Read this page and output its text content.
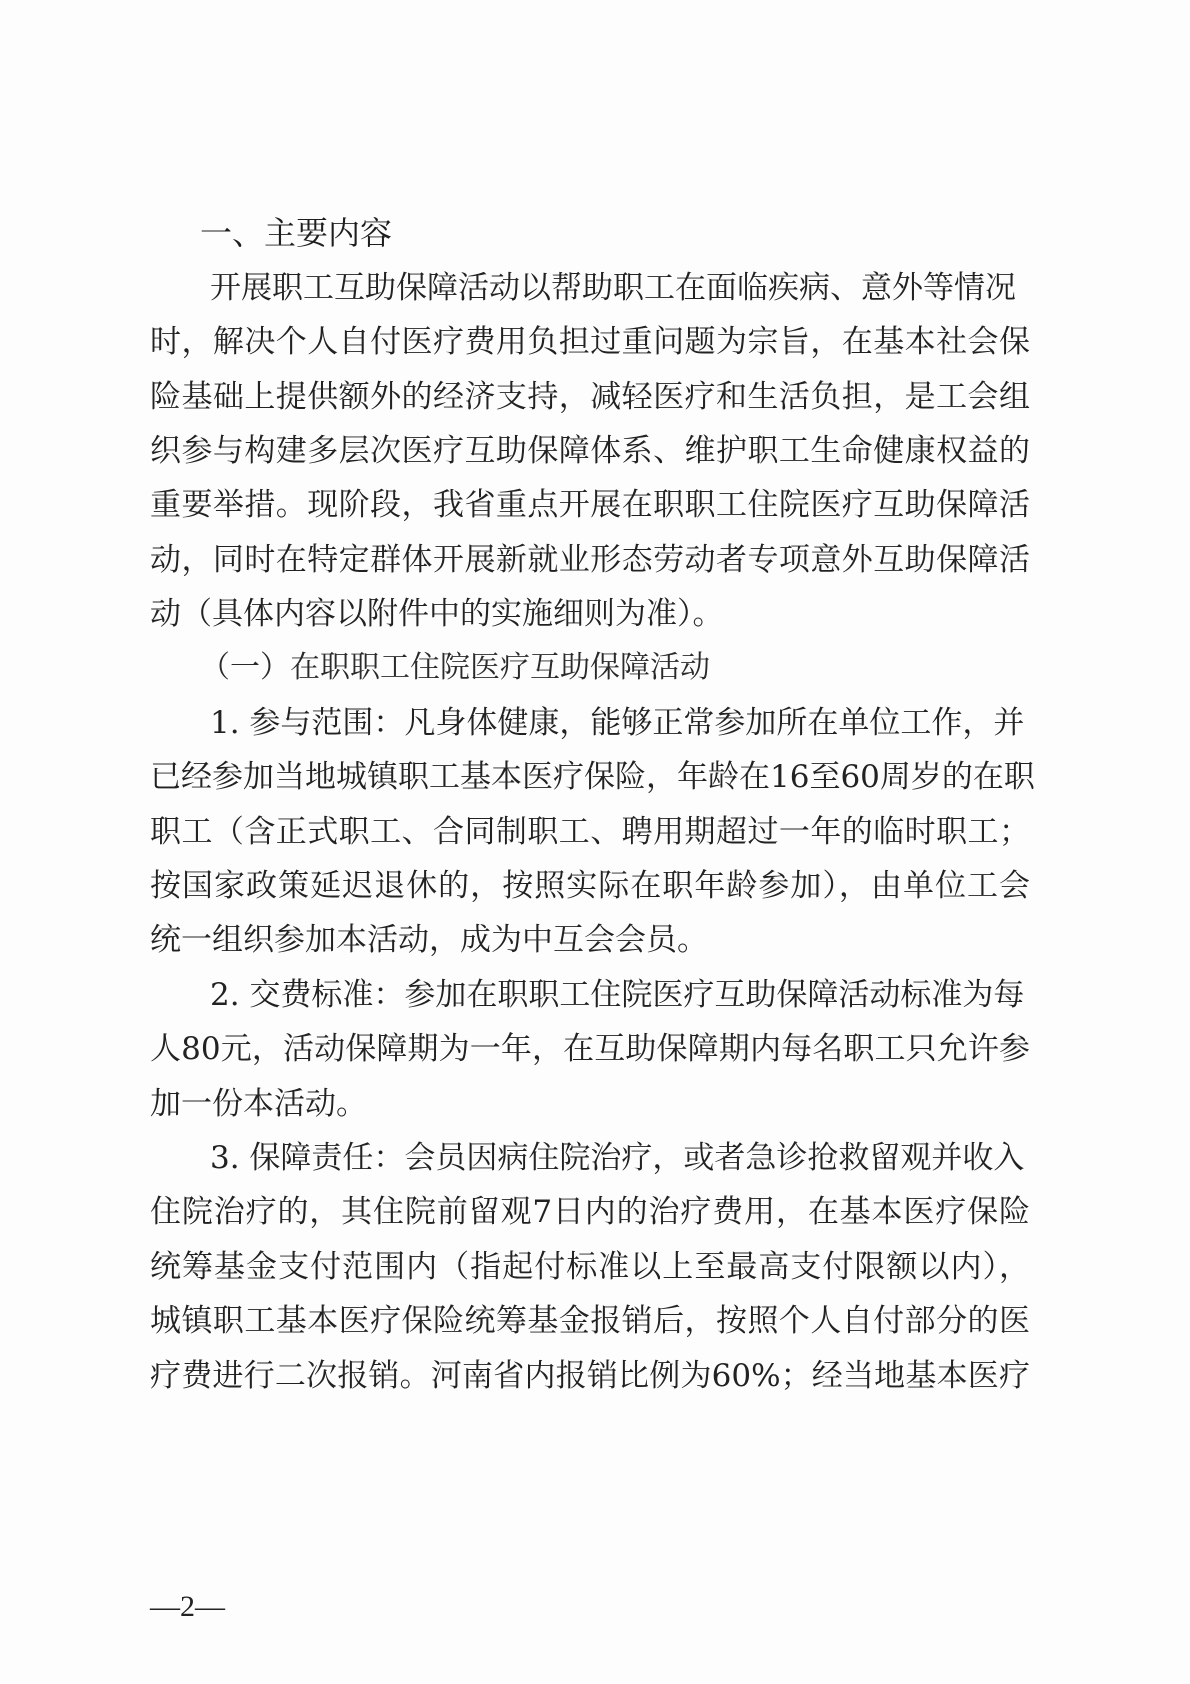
一、主要内容
开展职工互助保障活动以帮助职工在面临疾病、意外等情况
时，解决个人自付医疗费用负担过重问题为宗旨，在基本社会保
险基础上提供额外的经济支持，减轻医疗和生活负担，是工会组
织参与构建多层次医疗互助保障体系、维护职工生命健康权益的
重要举措。现阶段，我省重点开展在职职工住院医疗互助保障活
动，同时在特定群体开展新就业形态劳动者专项意外互助保障活
动（具体内容以附件中的实施细则为准）。
（一）在职职工住院医疗互助保障活动
1. 参与范围：凡身体健康，能够正常参加所在单位工作，并
已经参加当地城镇职工基本医疗保险，年龄在16至60周岁的在职
职工（含正式职工、合同制职工、聘用期超过一年的临时职工；
按国家政策延迟退休的，按照实际在职年龄参加），由单位工会
统一组织参加本活动，成为中互会会员。
2. 交费标准：参加在职职工住院医疗互助保障活动标准为每
人80元，活动保障期为一年，在互助保障期内每名职工只允许参
加一份本活动。
3. 保障责任：会员因病住院治疗，或者急诊抢救留观并收入
住院治疗的，其住院前留观7日内的治疗费用，在基本医疗保险
统筹基金支付范围内（指起付标准以上至最高支付限额以内），
城镇职工基本医疗保险统筹基金报销后，按照个人自付部分的医
疗费进行二次报销。河南省内报销比例为60%；经当地基本医疗
—2—
